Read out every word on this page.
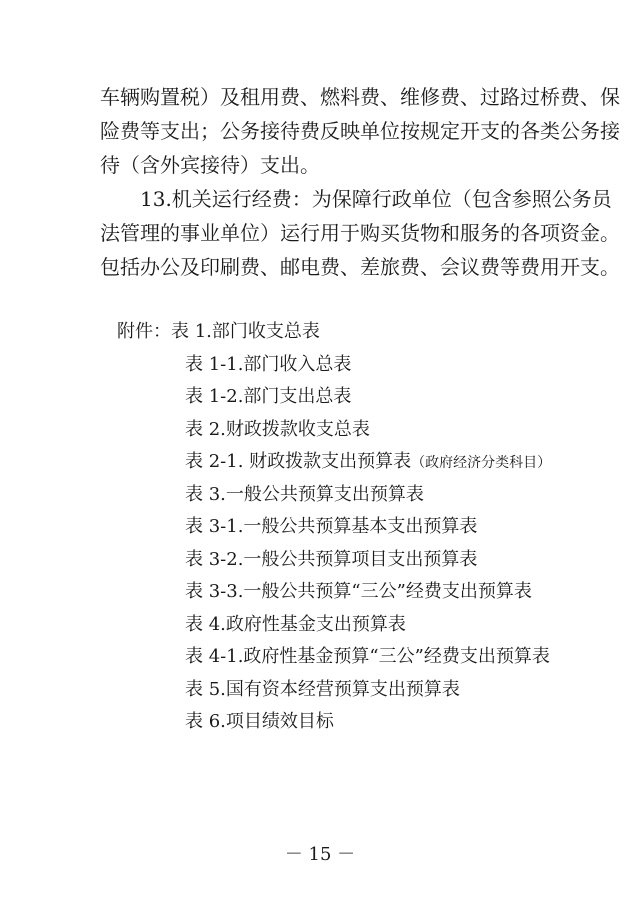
车辆购置税）及租用费、燃料费、维修费、过路过桥费、保
险费等支出；公务接待费反映单位按规定开支的各类公务接
待（含外宾接待）支出。
13.机关运行经费：为保障行政单位（包含参照公务员
法管理的事业单位）运行用于购买货物和服务的各项资金。
包括办公及印刷费、邮电费、差旅费、会议费等费用开支。
附件：表 1.部门收支总表
表 1-1.部门收入总表
表 1-2.部门支出总表
表 2.财政拨款收支总表
表 2-1. 财政拨款支出预算表（政府经济分类科目）
表 3.一般公共预算支出预算表
表 3-1.一般公共预算基本支出预算表
表 3-2.一般公共预算项目支出预算表
表 3-3.一般公共预算“三公”经费支出预算表
表 4.政府性基金支出预算表
表 4-1.政府性基金预算“三公”经费支出预算表
表 5.国有资本经营预算支出预算表
表 6.项目绩效目标
－ 15 －
